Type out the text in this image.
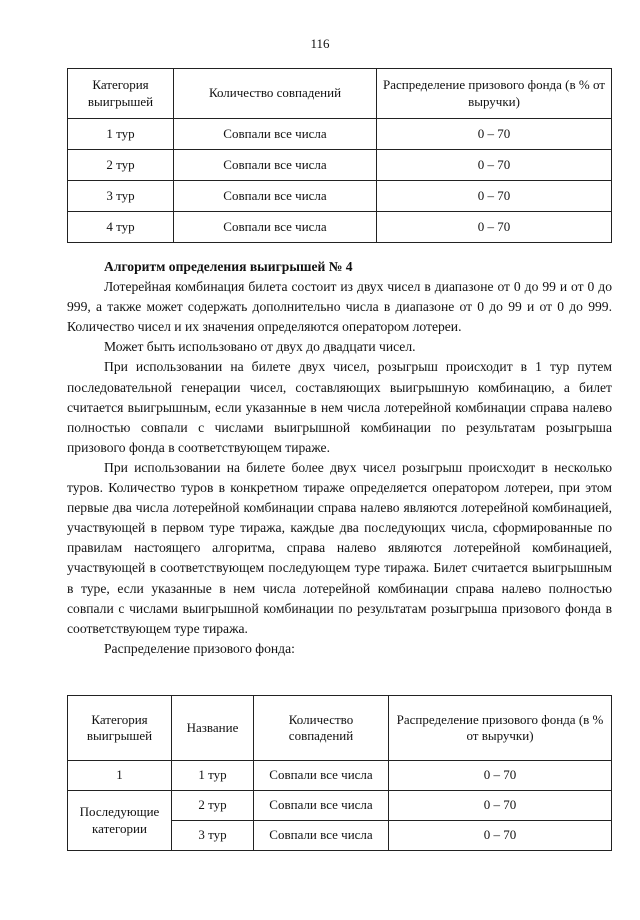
116
Категория выигрышей	Количество совпадений	Распределение призового фонда (в % от выручки)
1 тур	Совпали все числа	0 – 70
2 тур	Совпали все числа	0 – 70
3 тур	Совпали все числа	0 – 70
4 тур	Совпали все числа	0 – 70

Алгоритм определения выигрышей № 4

Лотерейная комбинация билета состоит из двух чисел в диапазоне от 0 до 99 и от 0 до 999, а также может содержать дополнительно числа в диапазоне от 0 до 99 и от 0 до 999. Количество чисел и их значения определяются оператором лотереи.

Может быть использовано от двух до двадцати чисел.

При использовании на билете двух чисел, розыгрыш происходит в 1 тур путем последовательной генерации чисел, составляющих выигрышную комбинацию, а билет считается выигрышным, если указанные в нем числа лотерейной комбинации справа налево полностью совпали с числами выигрышной комбинации по результатам розыгрыша призового фонда в соответствующем тираже.

При использовании на билете более двух чисел розыгрыш происходит в несколько туров. Количество туров в конкретном тираже определяется оператором лотереи, при этом первые два числа лотерейной комбинации справа налево являются лотерейной комбинацией, участвующей в первом туре тиража, каждые два последующих числа, сформированные по правилам настоящего алгоритма, справа налево являются лотерейной комбинацией, участвующей в соответствующем последующем туре тиража. Билет считается выигрышным в туре, если указанные в нем числа лотерейной комбинации справа налево полностью совпали с числами выигрышной комбинации по результатам розыгрыша призового фонда в соответствующем туре тиража.

Распределение призового фонда:

Категория выигрышей	Название	Количество совпадений	Распределение призового фонда (в % от выручки)
1	1 тур	Совпали все числа	0 – 70
Последующие категории	2 тур	Совпали все числа	0 – 70
	3 тур	Совпали все числа	0 – 70
